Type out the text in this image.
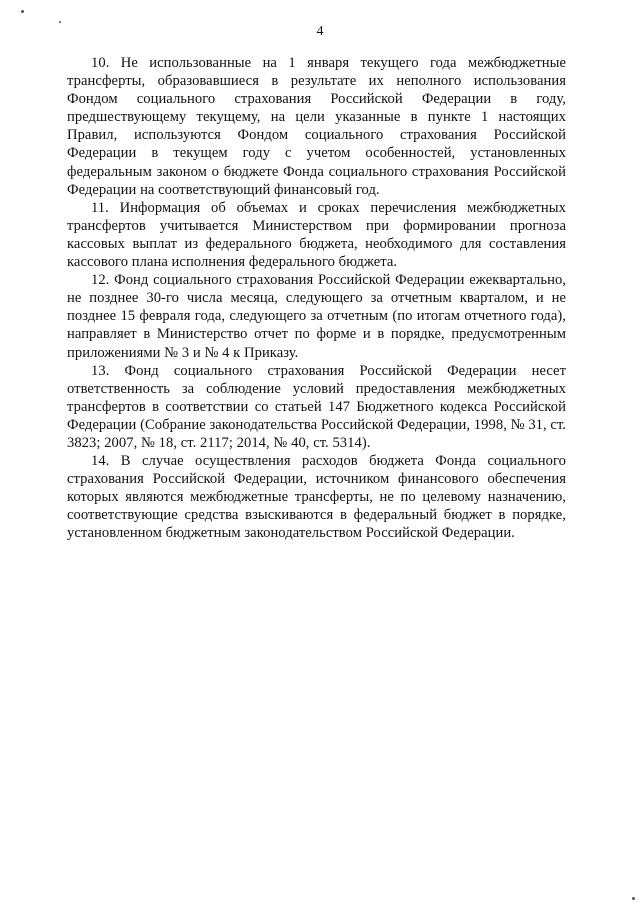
4

10. Не использованные на 1 января текущего года межбюджетные трансферты, образовавшиеся в результате их неполного использования Фондом социального страхования Российской Федерации в году, предшествующему текущему, на цели указанные в пункте 1 настоящих Правил, используются Фондом социального страхования Российской Федерации в текущем году с учетом особенностей, установленных федеральным законом о бюджете Фонда социального страхования Российской Федерации на соответствующий финансовый год.

11. Информация об объемах и сроках перечисления межбюджетных трансфертов учитывается Министерством при формировании прогноза кассовых выплат из федерального бюджета, необходимого для составления кассового плана исполнения федерального бюджета.

12. Фонд социального страхования Российской Федерации ежеквартально, не позднее 30-го числа месяца, следующего за отчетным кварталом, и не позднее 15 февраля года, следующего за отчетным (по итогам отчетного года), направляет в Министерство отчет по форме и в порядке, предусмотренным приложениями № 3 и № 4 к Приказу.

13. Фонд социального страхования Российской Федерации несет ответственность за соблюдение условий предоставления межбюджетных трансфертов в соответствии со статьей 147 Бюджетного кодекса Российской Федерации (Собрание законодательства Российской Федерации, 1998, № 31, ст. 3823; 2007, № 18, ст. 2117; 2014, № 40, ст. 5314).

14. В случае осуществления расходов бюджета Фонда социального страхования Российской Федерации, источником финансового обеспечения которых являются межбюджетные трансферты, не по целевому назначению, соответствующие средства взыскиваются в федеральный бюджет в порядке, установленном бюджетным законодательством Российской Федерации.
